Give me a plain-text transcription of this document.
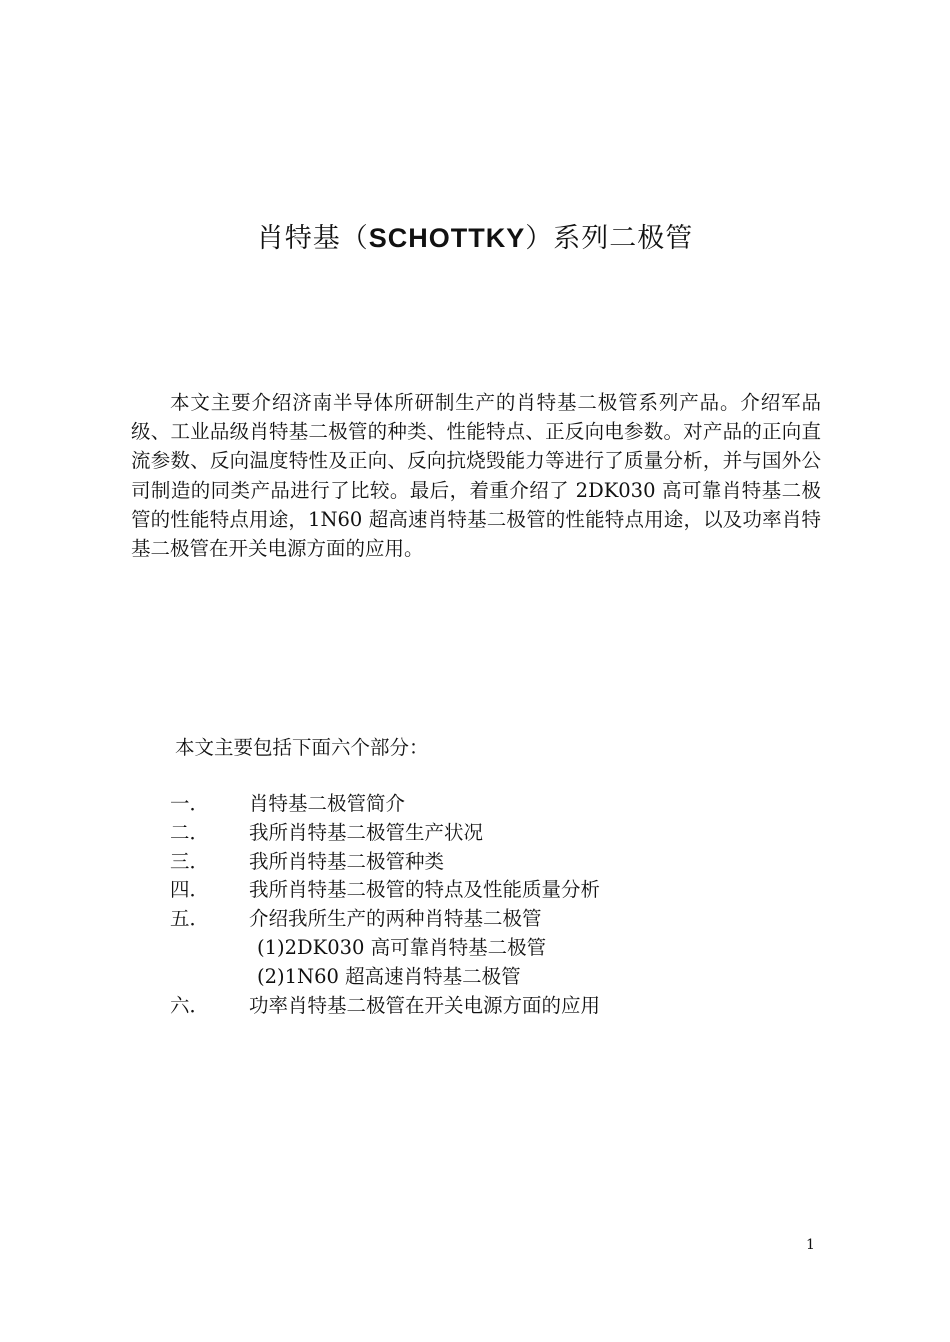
肖特基（SCHOTTKY）系列二极管

本文主要介绍济南半导体所研制生产的肖特基二极管系列产品。介绍军品级、工业品级肖特基二极管的种类、性能特点、正反向电参数。对产品的正向直流参数、反向温度特性及正向、反向抗烧毁能力等进行了质量分析，并与国外公司制造的同类产品进行了比较。最后，着重介绍了 2DK030 高可靠肖特基二极管的性能特点用途，1N60 超高速肖特基二极管的性能特点用途，以及功率肖特基二极管在开关电源方面的应用。

本文主要包括下面六个部分：

一． 肖特基二极管简介
二． 我所肖特基二极管生产状况
三． 我所肖特基二极管种类
四． 我所肖特基二极管的特点及性能质量分析
五． 介绍我所生产的两种肖特基二极管
(1)2DK030 高可靠肖特基二极管
(2)1N60 超高速肖特基二极管
六． 功率肖特基二极管在开关电源方面的应用
1
